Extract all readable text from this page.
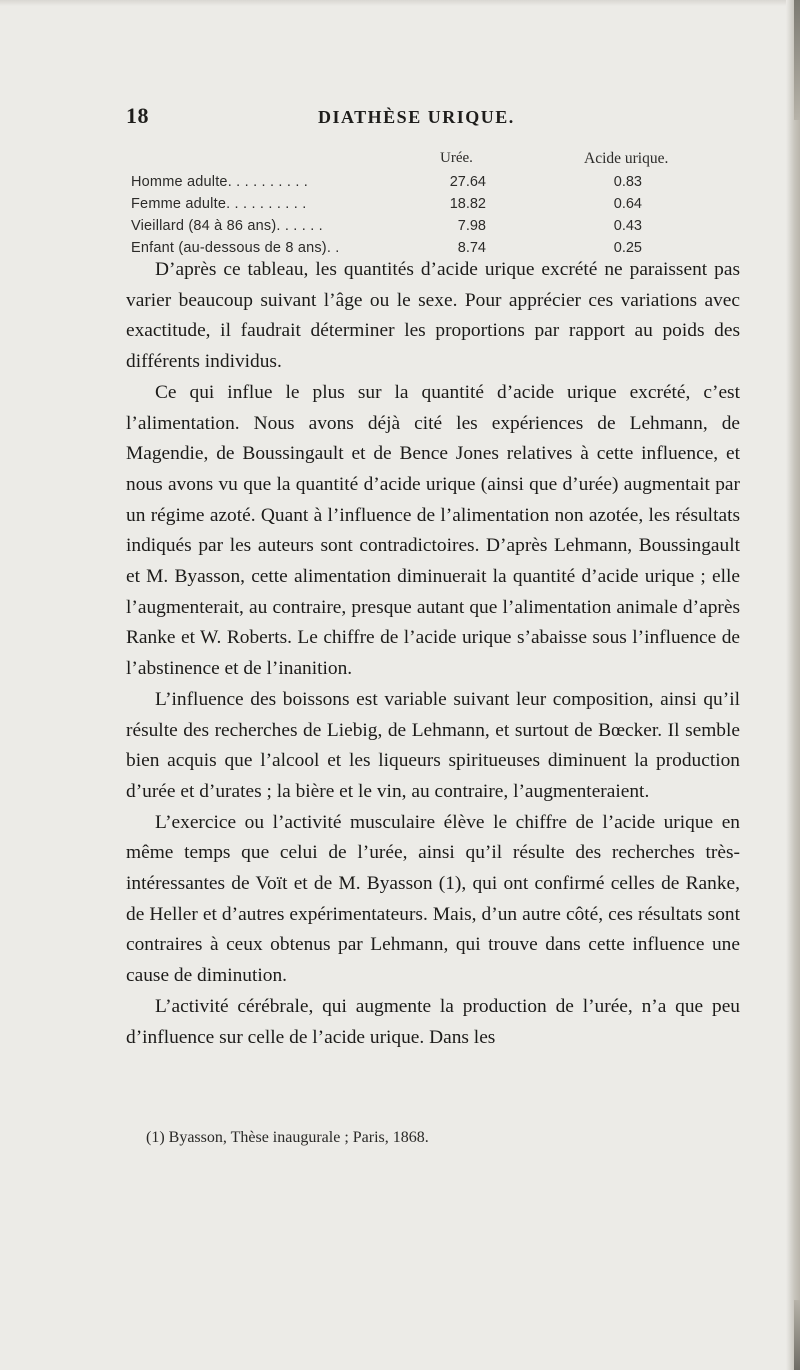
18	DIATHÈSE URIQUE.
Urée.	Acide urique.
Homme adulte. . . . . . . . . .	27.64	0.83
Femme adulte. . . . . . . . . .	18.82	0.64
Vieillard (84 à 86 ans). . . . . .	7.98	0.43
Enfant (au-dessous de 8 ans). .	8.74	0.25

D’après ce tableau, les quantités d’acide urique excrété ne paraissent pas varier beaucoup suivant l’âge ou le sexe. Pour apprécier ces variations avec exactitude, il faudrait déterminer les proportions par rapport au poids des différents individus.

Ce qui influe le plus sur la quantité d’acide urique excrété, c’est l’alimentation. Nous avons déjà cité les expériences de Lehmann, de Magendie, de Boussingault et de Bence Jones relatives à cette influence, et nous avons vu que la quantité d’acide urique (ainsi que d’urée) augmentait par un régime azoté. Quant à l’influence de l’alimentation non azotée, les résultats indiqués par les auteurs sont contradictoires. D’après Lehmann, Boussingault et M. Byasson, cette alimentation diminuerait la quantité d’acide urique ; elle l’augmenterait, au contraire, presque autant que l’alimentation animale d’après Ranke et W. Roberts. Le chiffre de l’acide urique s’abaisse sous l’influence de l’abstinence et de l’inanition.

L’influence des boissons est variable suivant leur composition, ainsi qu’il résulte des recherches de Liebig, de Lehmann, et surtout de Bœcker. Il semble bien acquis que l’alcool et les liqueurs spiritueuses diminuent la production d’urée et d’urates ; la bière et le vin, au contraire, l’augmenteraient.

L’exercice ou l’activité musculaire élève le chiffre de l’acide urique en même temps que celui de l’urée, ainsi qu’il résulte des recherches très-intéressantes de Voït et de M. Byasson (1), qui ont confirmé celles de Ranke, de Heller et d’autres expérimentateurs. Mais, d’un autre côté, ces résultats sont contraires à ceux obtenus par Lehmann, qui trouve dans cette influence une cause de diminution.

L’activité cérébrale, qui augmente la production de l’urée, n’a que peu d’influence sur celle de l’acide urique. Dans les

(1) Byasson, Thèse inaugurale ; Paris, 1868.
